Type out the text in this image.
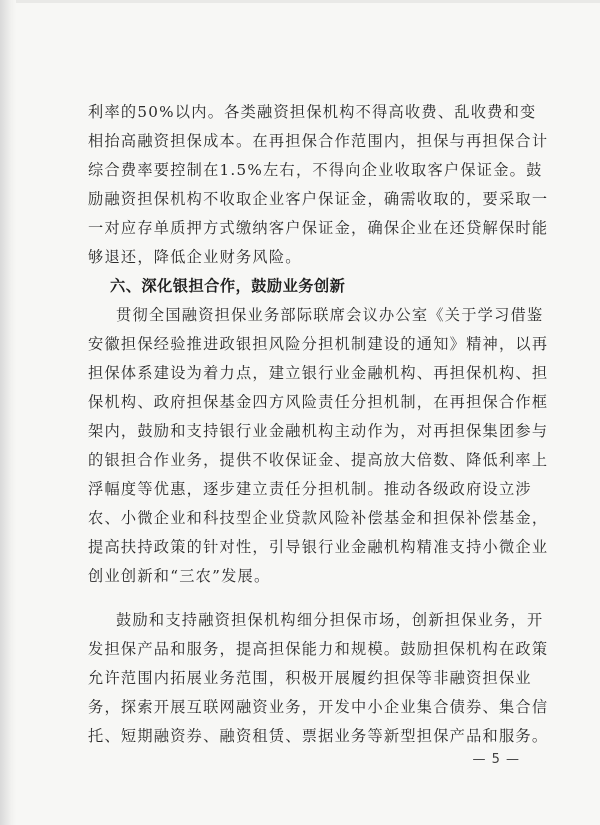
利率的50%以内。各类融资担保机构不得高收费、乱收费和变
相抬高融资担保成本。在再担保合作范围内，担保与再担保合计
综合费率要控制在1.5%左右，不得向企业收取客户保证金。鼓
励融资担保机构不收取企业客户保证金，确需收取的，要采取一
一对应存单质押方式缴纳客户保证金，确保企业在还贷解保时能
够退还，降低企业财务风险。
六、深化银担合作，鼓励业务创新
贯彻全国融资担保业务部际联席会议办公室《关于学习借鉴
安徽担保经验推进政银担风险分担机制建设的通知》精神，以再
担保体系建设为着力点，建立银行业金融机构、再担保机构、担
保机构、政府担保基金四方风险责任分担机制，在再担保合作框
架内，鼓励和支持银行业金融机构主动作为，对再担保集团参与
的银担合作业务，提供不收保证金、提高放大倍数、降低利率上
浮幅度等优惠，逐步建立责任分担机制。推动各级政府设立涉
农、小微企业和科技型企业贷款风险补偿基金和担保补偿基金，
提高扶持政策的针对性，引导银行业金融机构精准支持小微企业
创业创新和“三农”发展。
鼓励和支持融资担保机构细分担保市场，创新担保业务，开
发担保产品和服务，提高担保能力和规模。鼓励担保机构在政策
允许范围内拓展业务范围，积极开展履约担保等非融资担保业
务，探索开展互联网融资业务，开发中小企业集合债券、集合信
托、短期融资券、融资租赁、票据业务等新型担保产品和服务。
— 5 —
